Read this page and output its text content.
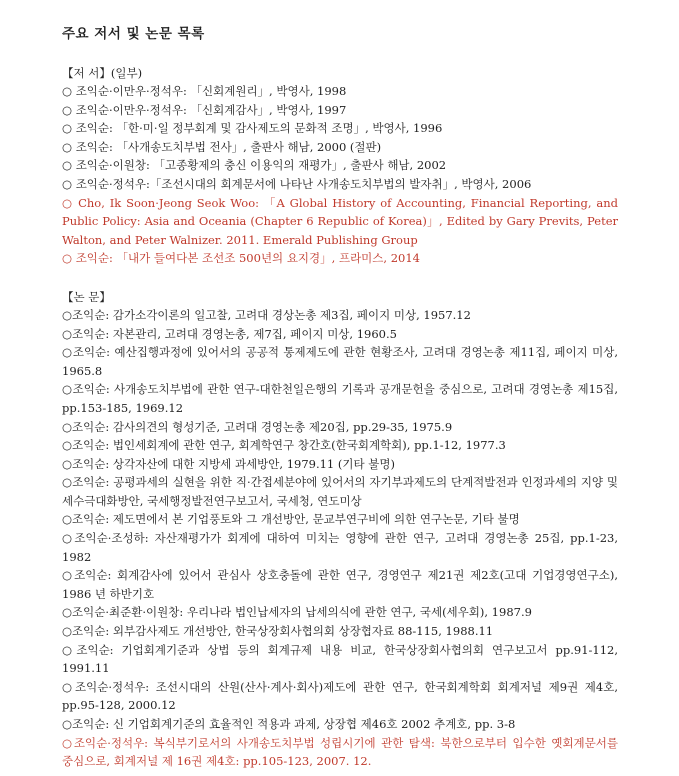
주요 저서 및 논문 목록

【저 서】(일부)

○ 조익순·이만우·정석우: 「신회계원리」, 박영사, 1998

○ 조익순·이만우·정석우: 「신회계감사」, 박영사, 1997

○ 조익순: 「한·미·일 정부회계 및 감사제도의 문화적 조명」, 박영사, 1996

○ 조익순: 「사개송도치부법 전사」, 출판사 해남, 2000 (절판)

○ 조익순·이원창: 「고종황제의 충신 이용익의 재평가」, 출판사 해남, 2002

○ 조익순·정석우:「조선시대의 회계문서에 나타난 사개송도치부법의 발자취」, 박영사, 2006

○ Cho, Ik Soon·Jeong Seok Woo: 「A Global History of Accounting, Financial Reporting, and Public Policy: Asia and Oceania (Chapter 6 Republic of Korea)」, Edited by Gary Previts, Peter Walton, and Peter Walnizer. 2011. Emerald Publishing Group

○ 조익순: 「내가 들여다본 조선조 500년의 요지경」, 프라미스, 2014

【논 문】

○조익순: 감가소각이론의 일고찰, 고려대 경상논총 제3집, 페이지 미상, 1957.12

○조익순: 자본관리, 고려대 경영논총, 제7집, 페이지 미상, 1960.5

○조익순: 예산집행과정에 있어서의 공공적 통제제도에 관한 현황조사, 고려대 경영논총 제11집, 페이지 미상, 1965.8

○조익순: 사개송도치부법에 관한 연구-대한천일은행의 기록과 공개문헌을 중심으로, 고려대 경영논총 제15집, pp.153-185, 1969.12

○조익순: 감사의견의 형성기준, 고려대 경영논총 제20집, pp.29-35, 1975.9

○조익순: 법인세회계에 관한 연구, 회계학연구 창간호(한국회계학회), pp.1-12, 1977.3

○조익순: 상각자산에 대한 지방세 과세방안, 1979.11 (기타 불명)

○조익순: 공평과세의 실현을 위한 직·간접세분야에 있어서의 자기부과제도의 단계적발전과 인정과세의 지양 및 세수극대화방안, 국세행정발전연구보고서, 국세청, 연도미상

○조익순: 제도면에서 본 기업풍토와 그 개선방안, 문교부연구비에 의한 연구논문, 기타 불명

○조익순·조성하: 자산재평가가 회계에 대하여 미치는 영향에 관한 연구, 고려대 경영논총 25집, pp.1-23, 1982

○조익순: 회계감사에 있어서 관심사 상호충돌에 관한 연구, 경영연구 제21권 제2호(고대 기업경영연구소), 1986 년 하반기호

○조익순·최준환·이원창: 우리나라 법인납세자의 납세의식에 관한 연구, 국세(세우회), 1987.9

○조익순: 외부감사제도 개선방안, 한국상장회사협의회 상장협자료 88-115, 1988.11

○조익순: 기업회계기준과 상법 등의 회계규제 내용 비교, 한국상장회사협의회 연구보고서 pp.91-112, 1991.11

○조익순·정석우: 조선시대의 산원(산사·계사·회사)제도에 관한 연구, 한국회계학회 회계저널 제9권 제4호, pp.95-128, 2000.12

○조익순: 신 기업회계기준의 효율적인 적용과 과제, 상장협 제46호 2002 추계호, pp. 3-8

○조익순·정석우: 복식부기로서의 사개송도치부법 성립시기에 관한 탐색: 북한으로부터 입수한 옛회계문서를 중심으로, 회계저널 제 16권 제4호: pp.105-123, 2007. 12.
